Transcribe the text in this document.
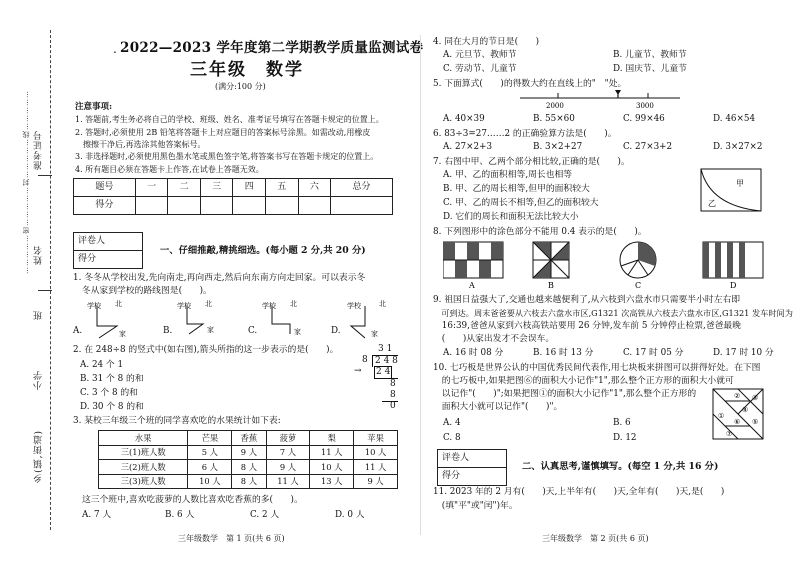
准考证号
姓名
班
小学
乡(镇,街道)
……………密……………封……………线……………
. 2022—2023 学年度第二学期教学质量监测试卷
三年级　数学
(满分:100 分)
注意事项:
1. 答题前,考生务必将自己的学校、班级、姓名、准考证号填写在答题卡规定的位置上。
2. 答题时,必须使用 2B 铅笔将答题卡上对应题目的答案标号涂黑。如需改动,用橡皮
　擦擦干净后,再选涂其他答案标号。
3. 非选择题时,必须使用黑色墨水笔或黑色签字笔,将答案书写在答题卡规定的位置上。
4. 所有题目必须在答题卡上作答,在试卷上答题无效。
题号	一	二	三	四	五	六	总分
得分							
评卷人
得分
一、仔细推敲,精挑细选。(每小题 2 分,共 20 分)
1. 冬冬从学校出发,先向南走,再向西走,然后向东南方向走回家。可以表示冬
　冬从家到学校的路线图是(　　)。
A.
学校 北
家	B.
学校 北
家	C.
学校 北
家	D.
学校	北
家
2. 在 248÷8 的竖式中(如右图),箭头所指的这一步表示的是(　　)。
A. 24 个 1
B. 31 个 8 的和
C. 3 个 8 的和
D. 30 个 8 的和
3 1
8 2 4 8
2 4
8
8
0
→
3. 某校三年级三个班的同学喜欢吃的水果统计如下表:
水果	芒果	香蕉	菠萝	梨	苹果
三(1)班人数	5 人	9 人	7 人	11 人	10 人
三(2)班人数	6 人	8 人	9 人	10 人	11 人
三(3)班人数	10 人	8 人	11 人	13 人	9 人
这三个班中,喜欢吃菠萝的人数比喜欢吃香蕉的多(　　)。
A. 7 人	B. 6 人	C. 2 人	D. 0 人
三年级数学　第 1 页(共 6 页)
4. 同在大月的节日是(　　)
A. 元旦节、教师节	B. 儿童节、教师节
C. 劳动节、儿童节	D. 国庆节、儿童节
5. 下面算式(　　)的得数大约在直线上的"　"处。
2000	3000
A. 40×39	B. 55×60	C. 99×46	D. 46×54
6. 83÷3=27……2 的正确验算方法是(　　)。
A. 27×2+3	B. 3×2+27	C. 27×3+2	D. 3×27×2
7. 右图中甲、乙两个部分相比较,正确的是(　　)。
A. 甲、乙的面积相等,周长也相等
B. 甲、乙的周长相等,但甲的面积较大
C. 甲、乙的周长不相等,但乙的面积较大
D. 它们的周长和面积无法比较大小
甲
乙
8. 下列图形中的涂色部分不能用 0.4 表示的是(　　)。
A	B	C	D
9. 祖国日益强大了,交通也越来越便利了,从六枝到六盘水市只需要半小时左右即
　可到达。周末爸爸要从六枝去六盘水市区,G1321 次高铁从六枝去六盘水市区,G1321 发车时间为
　16:39,爸爸从家到六枝高铁站要用 26 分钟,发车前 5 分钟停止检票,爸爸最晚
　(　　)从家出发才不会误车。
A. 16 时 08 分	B. 16 时 13 分	C. 17 时 05 分	D. 17 时 10 分
10. 七巧板是世界公认的中国优秀民间代表作,用七块板来拼图可以拼得好处。在下图
　的七巧板中,如果把图⑥的面积大小记作"1",那么整个正方形的面积大小就可
　以记作"(　　)";如果把图①的面积大小记作"1",那么整个正方形的
　面积大小就可以记作"(　　)"。
A. 4	B. 6
C. 8	D. 12
①
② ③
④
⑤
⑥
⑦
评卷人
得分
二、认真思考,谨慎填写。(每空 1 分,共 16 分)
11. 2023 年的 2 月有(　　)天,上半年有(　　)天,全年有(　　)天,是(　　)
　(填"平"或"闰")年。
三年级数学　第 2 页(共 6 页)
